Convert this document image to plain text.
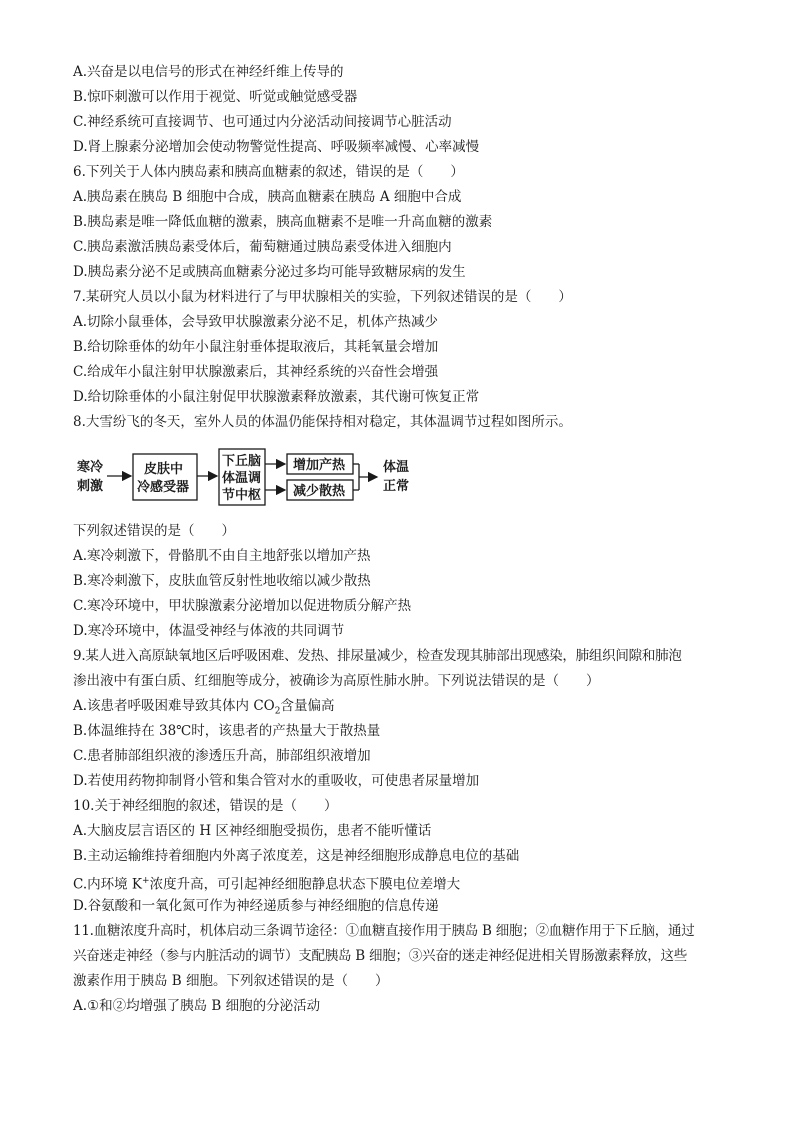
A.兴奋是以电信号的形式在神经纤维上传导的
B.惊吓刺激可以作用于视觉、听觉或触觉感受器
C.神经系统可直接调节、也可通过内分泌活动间接调节心脏活动
D.肾上腺素分泌增加会使动物警觉性提高、呼吸频率减慢、心率减慢
6.下列关于人体内胰岛素和胰高血糖素的叙述，错误的是（　　）
A.胰岛素在胰岛 B 细胞中合成，胰高血糖素在胰岛 A 细胞中合成
B.胰岛素是唯一降低血糖的激素，胰高血糖素不是唯一升高血糖的激素
C.胰岛素激活胰岛素受体后，葡萄糖通过胰岛素受体进入细胞内
D.胰岛素分泌不足或胰高血糖素分泌过多均可能导致糖尿病的发生
7.某研究人员以小鼠为材料进行了与甲状腺相关的实验，下列叙述错误的是（　　）
A.切除小鼠垂体，会导致甲状腺激素分泌不足，机体产热减少
B.给切除垂体的幼年小鼠注射垂体提取液后，其耗氧量会增加
C.给成年小鼠注射甲状腺激素后，其神经系统的兴奋性会增强
D.给切除垂体的小鼠注射促甲状腺激素释放激素，其代谢可恢复正常
8.大雪纷飞的冬天，室外人员的体温仍能保持相对稳定，其体温调节过程如图所示。
寒冷
刺激
皮肤中
冷感受器
下丘脑
体温调
节中枢
增加产热
减少散热
体温
正常
下列叙述错误的是（　　）
A.寒冷刺激下，骨骼肌不由自主地舒张以增加产热
B.寒冷刺激下，皮肤血管反射性地收缩以减少散热
C.寒冷环境中，甲状腺激素分泌增加以促进物质分解产热
D.寒冷环境中，体温受神经与体液的共同调节
9.某人进入高原缺氧地区后呼吸困难、发热、排尿量减少，检查发现其肺部出现感染，肺组织间隙和肺泡
渗出液中有蛋白质、红细胞等成分，被确诊为高原性肺水肿。下列说法错误的是（　　）
A.该患者呼吸困难导致其体内 $CO_2$含量偏高
B.体温维持在 38℃时，该患者的产热量大于散热量
C.患者肺部组织液的渗透压升高，肺部组织液增加
D.若使用药物抑制肾小管和集合管对水的重吸收，可使患者尿量增加
10.关于神经细胞的叙述，错误的是（　　）
A.大脑皮层言语区的 H 区神经细胞受损伤，患者不能听懂话
B.主动运输维持着细胞内外离子浓度差，这是神经细胞形成静息电位的基础
C.内环境 K+浓度升高，可引起神经细胞静息状态下膜电位差增大
D.谷氨酸和一氧化氮可作为神经递质参与神经细胞的信息传递
11.血糖浓度升高时，机体启动三条调节途径：①血糖直接作用于胰岛 B 细胞；②血糖作用于下丘脑，通过
兴奋迷走神经（参与内脏活动的调节）支配胰岛 B 细胞；③兴奋的迷走神经促进相关胃肠激素释放，这些
激素作用于胰岛 B 细胞。下列叙述错误的是（　　）
A.①和②均增强了胰岛 B 细胞的分泌活动
